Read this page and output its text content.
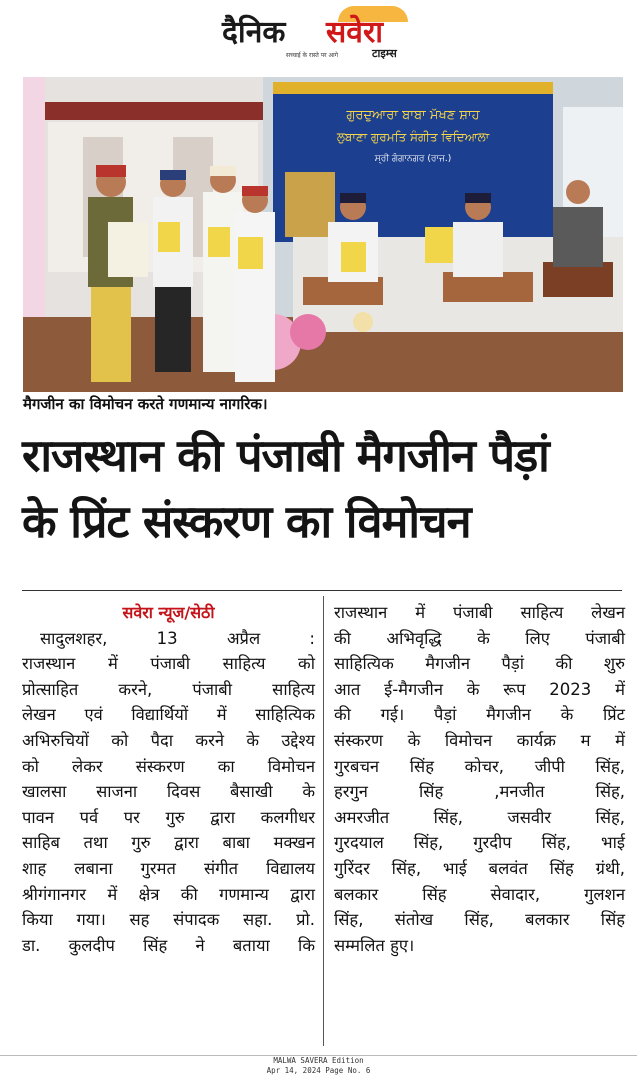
दैनिक सवेरा
सच्चाई के रास्ते पर आगे	टाइम्स
ਗੁਰਦੁਆਰਾ ਬਾਬਾ ਮੱਖਣ ਸ਼ਾਹ
ਲੁਬਾਣਾ ਗੁਰਮਤਿ ਸੰਗੀਤ ਵਿਦਿਆਲਾ
ਸ੍ਰੀ ਗੰਗਾਨਗਰ (ਰਾਜ.)
मैगजीन का विमोचन करते गणमान्य नागरिक।
राजस्थान की पंजाबी मैगजीन पैड़ां
के प्रिंट संस्करण का विमोचन
सवेरा न्यूज/सेठी
सादुलशहर, 13 अप्रैल :
राजस्थान में पंजाबी साहित्य को
प्रोत्साहित करने, पंजाबी साहित्य
लेखन एवं विद्यार्थियों में साहित्यिक
अभिरुचियों को पैदा करने के उद्देश्य
को लेकर संस्करण का विमोचन
खालसा साजना दिवस बैसाखी के
पावन पर्व पर गुरु द्वारा कलगीधर
साहिब तथा गुरु द्वारा बाबा मक्खन
शाह लबाना गुरमत संगीत विद्यालय
श्रीगंगानगर में क्षेत्र की गणमान्य द्वारा
किया गया। सह संपादक सहा. प्रो.
डा. कुलदीप सिंह ने बताया कि
राजस्थान में पंजाबी साहित्य लेखन
की अभिवृद्धि के लिए पंजाबी
साहित्यिक मैगजीन पैड़ां की शुरु
आत ई-मैगजीन के रूप 2023 में
की गई। पैड़ां मैगजीन के प्रिंट
संस्करण के विमोचन कार्यक्र म में
गुरबचन सिंह कोचर, जीपी सिंह,
हरगुन सिंह ,मनजीत सिंह,
अमरजीत सिंह, जसवीर सिंह,
गुरदयाल सिंह, गुरदीप सिंह, भाई
गुरिंदर सिंह, भाई बलवंत सिंह ग्रंथी,
बलकार सिंह सेवादार, गुलशन
सिंह, संतोख सिंह, बलकार सिंह
सम्मलित हुए।
MALWA SAVERA Edition
Apr 14, 2024 Page No. 6
